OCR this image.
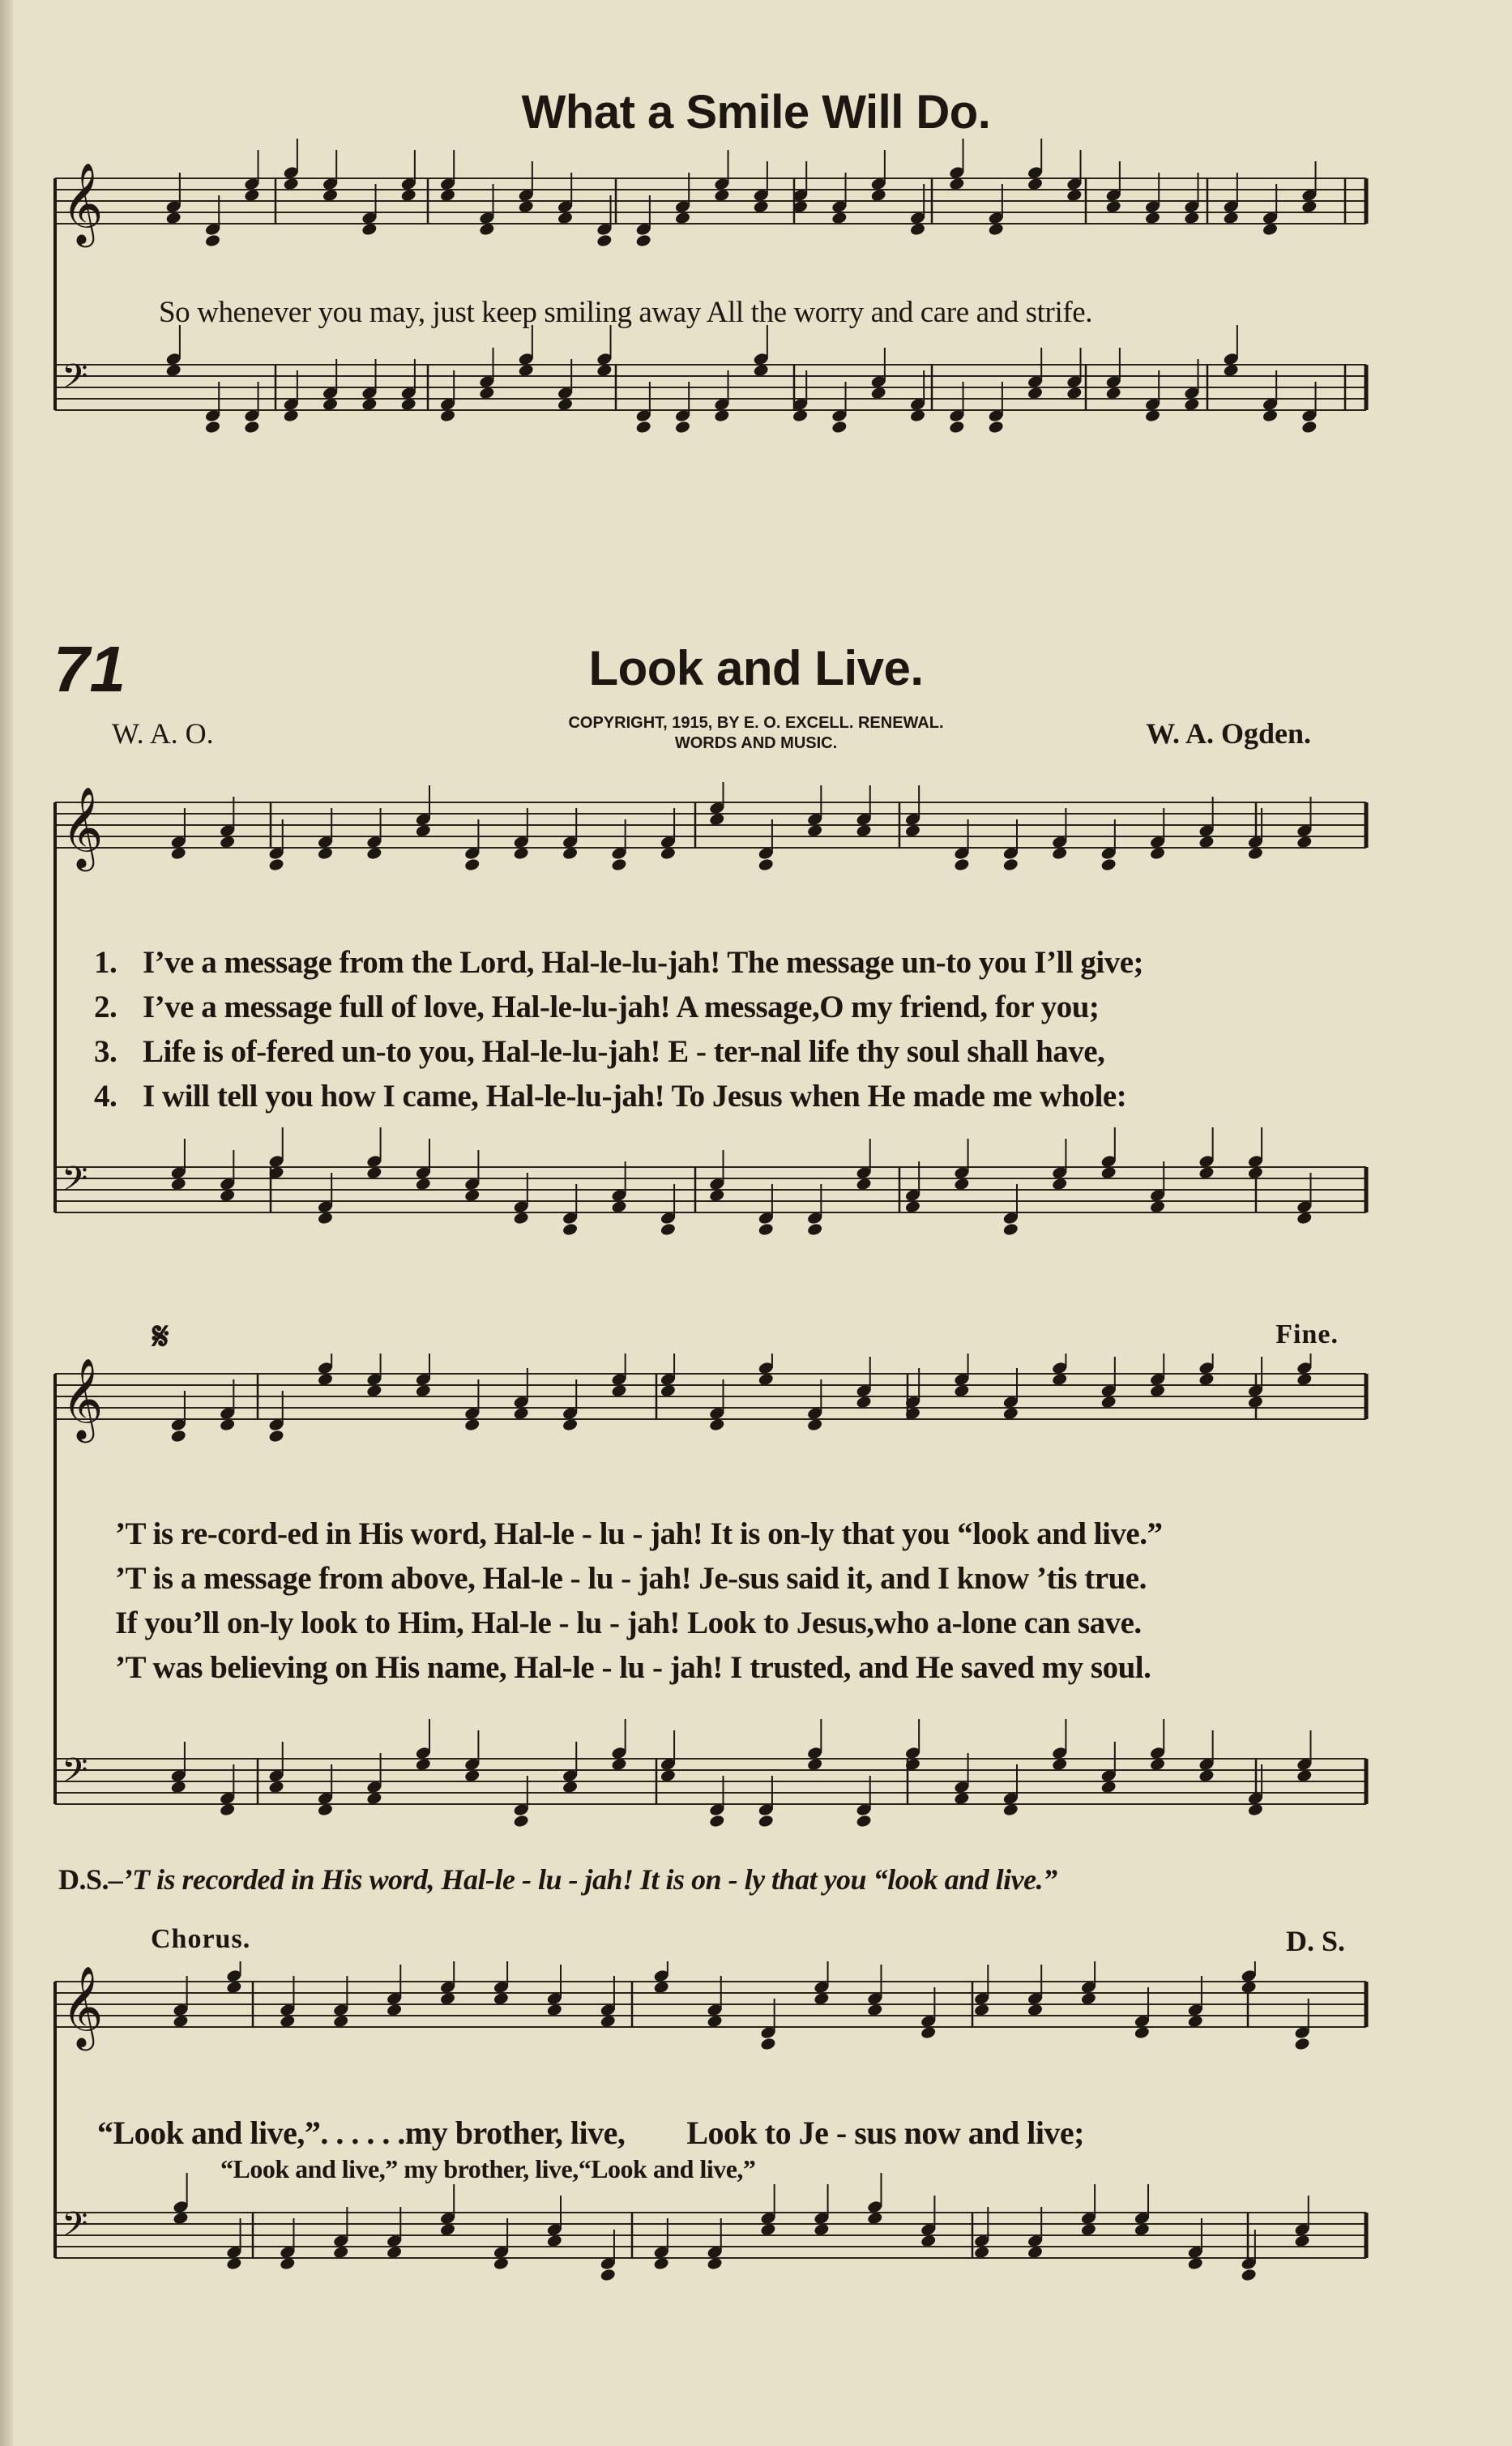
What a Smile Will Do.
𝄞
𝄢
So whenever you may, just keep smiling away All the worry and care and strife.
71	Look and Live.
W. A. O.	COPYRIGHT, 1915, BY E. O. EXCELL. RENEWAL.
WORDS AND MUSIC.	W. A. Ogden.
𝄞
𝄢
1. I’ve a message from the Lord, Hal-le-lu-jah! The message un-to you I’ll give;
2. I’ve a message full of love, Hal-le-lu-jah! A message,O my friend, for you;
3. Life is of-fered un-to you, Hal-le-lu-jah! E - ter-nal life thy soul shall have,
4. I will tell you how I came, Hal-le-lu-jah! To Jesus when He made me whole:
𝄋	Fine.
𝄞
𝄢
’T is re-cord-ed in His word, Hal-le - lu - jah! It is on-ly that you “look and live.”
’T is a message from above, Hal-le - lu - jah! Je-sus said it, and I know ’tis true.
If you’ll on-ly look to Him, Hal-le - lu - jah! Look to Jesus,who a-lone can save.
’T was believing on His name, Hal-le - lu - jah! I trusted, and He saved my soul.
D.S.–’T is recorded in His word, Hal-le - lu - jah! It is on - ly that you “look and live.”
Chorus.	D. S.
𝄞
𝄢
“Look and live,”. . . . . .my brother, live,        Look to Je - sus now and live;
“Look and live,” my brother, live,“Look and live,”
